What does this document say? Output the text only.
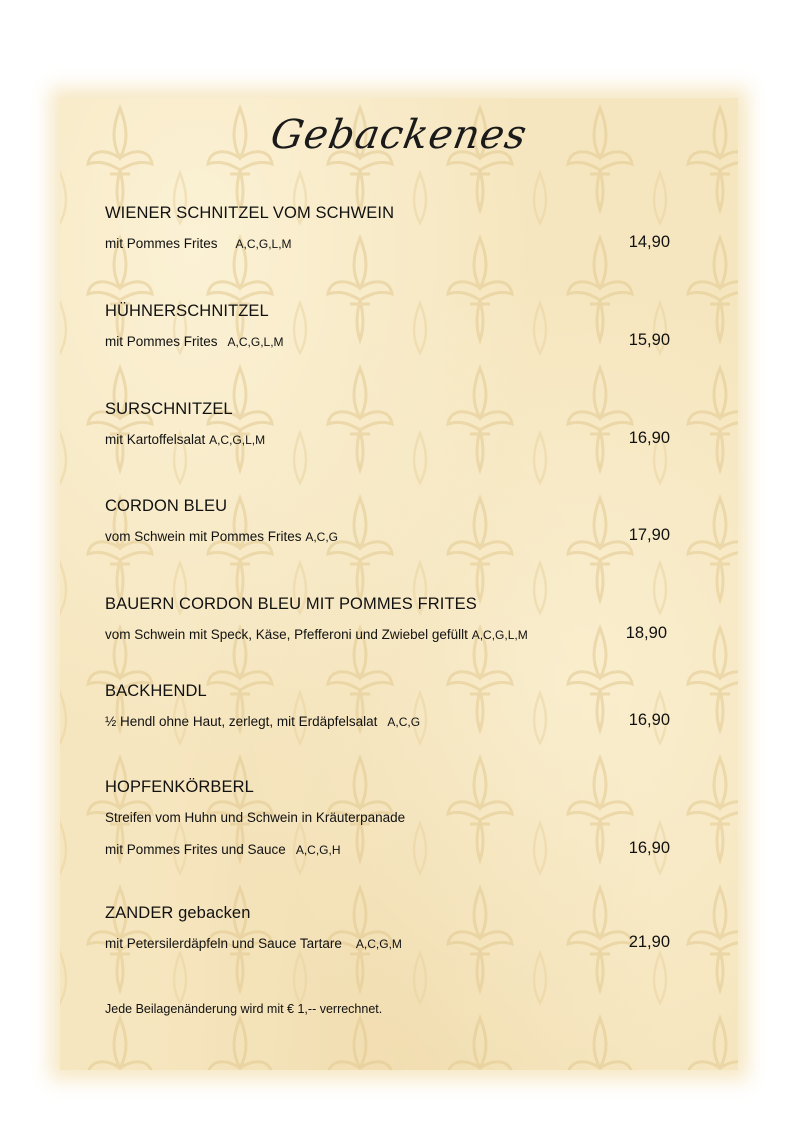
Gebackenes
WIENER SCHNITZEL VOM SCHWEIN
mit Pommes Frites A,C,G,L,M	14,90
HÜHNERSCHNITZEL
mit Pommes Frites A,C,G,L,M	15,90
SURSCHNITZEL
mit Kartoffelsalat A,C,G,L,M	16,90
CORDON BLEU
vom Schwein mit Pommes Frites A,C,G	17,90
BAUERN CORDON BLEU MIT POMMES FRITES
vom Schwein mit Speck, Käse, Pfefferoni und Zwiebel gefüllt A,C,G,L,M	18,90
BACKHENDL
½ Hendl ohne Haut, zerlegt, mit Erdäpfelsalat A,C,G	16,90
HOPFENKÖRBERL
Streifen vom Huhn und Schwein in Kräuterpanade
mit Pommes Frites und Sauce A,C,G,H	16,90
ZANDER gebacken
mit Petersilerdäpfeln und Sauce Tartare A,C,G,M	21,90
Jede Beilagenänderung wird mit € 1,-- verrechnet.
